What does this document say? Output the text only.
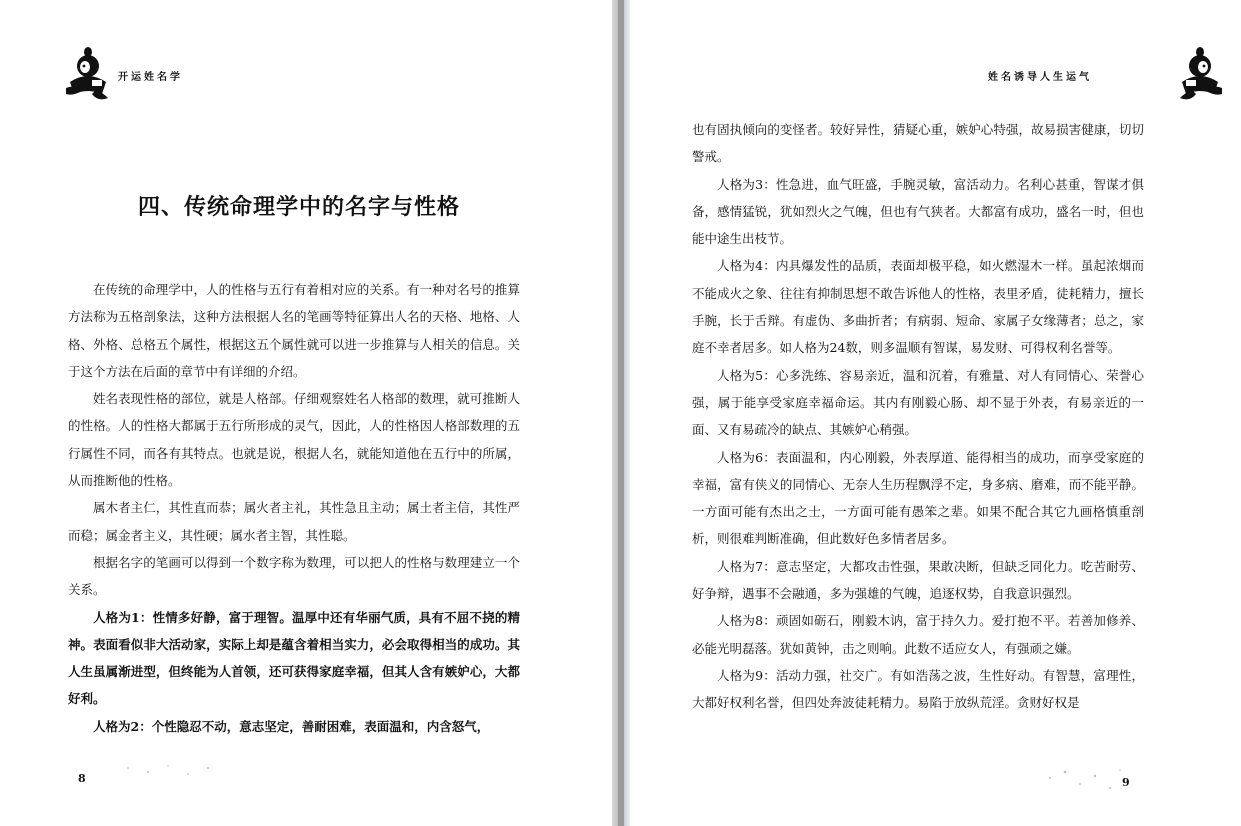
开运姓名学
四、传统命理学中的名字与性格

在传统的命理学中，人的性格与五行有着相对应的关系。有一种对名号的推算方法称为五格剖象法，这种方法根据人名的笔画等特征算出人名的天格、地格、人格、外格、总格五个属性，根据这五个属性就可以进一步推算与人相关的信息。关于这个方法在后面的章节中有详细的介绍。

姓名表现性格的部位，就是人格部。仔细观察姓名人格部的数理，就可推断人的性格。人的性格大都属于五行所形成的灵气，因此，人的性格因人格部数理的五行属性不同，而各有其特点。也就是说，根据人名，就能知道他在五行中的所属，从而推断他的性格。

属木者主仁，其性直而恭；属火者主礼，其性急且主动；属土者主信，其性严而稳；属金者主义，其性硬；属水者主智，其性聪。

根据名字的笔画可以得到一个数字称为数理，可以把人的性格与数理建立一个关系。

人格为1：性情多好静，富于理智。温厚中还有华丽气质，具有不屈不挠的精神。表面看似非大活动家，实际上却是蕴含着相当实力，必会取得相当的成功。其人生虽属渐进型，但终能为人首领，还可获得家庭幸福，但其人含有嫉妒心，大都好利。

人格为2：个性隐忍不动，意志坚定，善耐困难，表面温和，内含怒气，

8
姓名诱导人生运气

也有固执倾向的变怪者。较好异性，猜疑心重，嫉妒心特强，故易损害健康，切切警戒。

人格为3：性急进，血气旺盛，手腕灵敏，富活动力。名利心甚重，智谋才俱备，感情猛锐，犹如烈火之气魄，但也有气狭者。大都富有成功，盛名一时，但也能中途生出枝节。

人格为4：内具爆发性的品质，表面却极平稳，如火燃湿木一样。虽起浓烟而不能成火之象、往往有抑制思想不敢告诉他人的性格，表里矛盾，徒耗精力，擅长手腕，长于舌辩。有虚伪、多曲折者；有病弱、短命、家属子女缘薄者；总之，家庭不幸者居多。如人格为24数，则多温顺有智谋，易发财、可得权利名誉等。

人格为5：心多洗练、容易亲近，温和沉着，有雅量、对人有同情心、荣誉心强，属于能享受家庭幸福命运。其内有刚毅心肠、却不显于外表，有易亲近的一面、又有易疏冷的缺点、其嫉妒心稍强。

人格为6：表面温和，内心刚毅，外表厚道、能得相当的成功，而享受家庭的幸福，富有侠义的同情心、无奈人生历程飘浮不定，身多病、磨难，而不能平静。一方面可能有杰出之士，一方面可能有愚笨之辈。如果不配合其它九画格慎重剖析，则很难判断准确，但此数好色多情者居多。

人格为7：意志坚定，大都攻击性强，果敢决断，但缺乏同化力。吃苦耐劳、好争辩，遇事不会融通，多为强雄的气魄，追逐权势，自我意识强烈。

人格为8：顽固如砺石，刚毅木讷，富于持久力。爱打抱不平。若善加修养、必能光明磊落。犹如黄钟，击之则响。此数不适应女人，有强顽之嫌。

人格为9：活动力强，社交广。有如浩荡之波，生性好动。有智慧，富理性，大都好权利名誉，但四处奔波徒耗精力。易陷于放纵荒淫。贪财好权是

9
